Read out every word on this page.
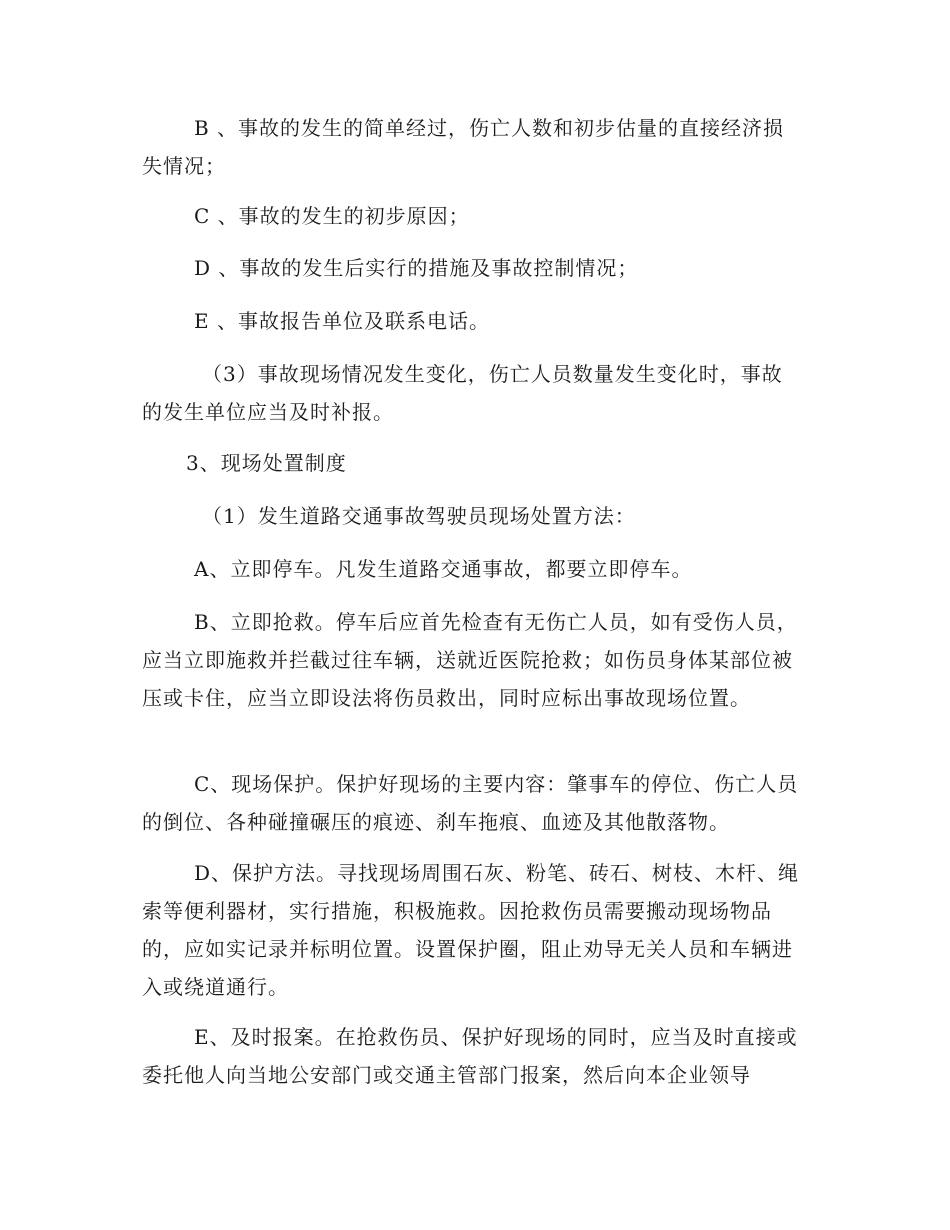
B 、事故的发生的简单经过，伤亡人数和初步估量的直接经济损失情况；

C 、事故的发生的初步原因；

D 、事故的发生后实行的措施及事故控制情况；

E 、事故报告单位及联系电话。

（3）事故现场情况发生变化，伤亡人员数量发生变化时，事故的发生单位应当及时补报。

3、现场处置制度

（1）发生道路交通事故驾驶员现场处置方法：

A、立即停车。凡发生道路交通事故，都要立即停车。

B、立即抢救。停车后应首先检查有无伤亡人员，如有受伤人员，应当立即施救并拦截过往车辆，送就近医院抢救；如伤员身体某部位被压或卡住，应当立即设法将伤员救出，同时应标出事故现场位置。

C、现场保护。保护好现场的主要内容：肇事车的停位、伤亡人员的倒位、各种碰撞碾压的痕迹、刹车拖痕、血迹及其他散落物。

D、保护方法。寻找现场周围石灰、粉笔、砖石、树枝、木杆、绳索等便利器材，实行措施，积极施救。因抢救伤员需要搬动现场物品的，应如实记录并标明位置。设置保护圈，阻止劝导无关人员和车辆进入或绕道通行。

E、及时报案。在抢救伤员、保护好现场的同时，应当及时直接或委托他人向当地公安部门或交通主管部门报案，然后向本企业领导
